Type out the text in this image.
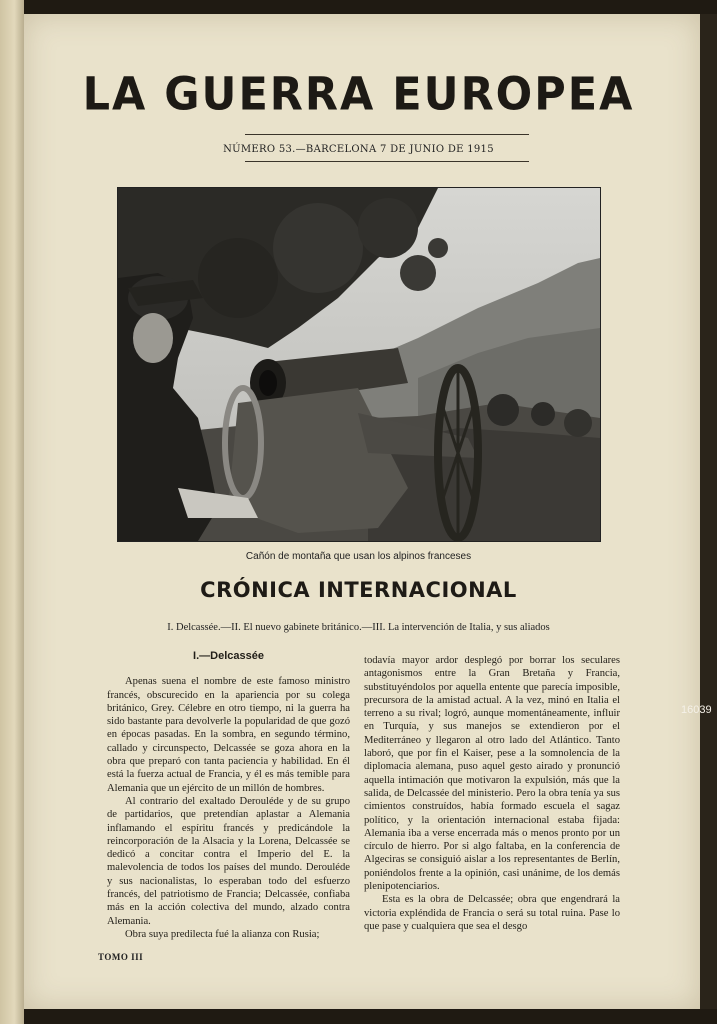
LA GUERRA EUROPEA
NÚMERO 53.—BARCELONA 7 DE JUNIO DE 1915
16039
Cañón de montaña que usan los alpinos franceses
CRÓNICA INTERNACIONAL
I. Delcassée.—II. El nuevo gabinete británico.—III. La intervención de Italia, y sus aliados

I.—Delcassée

Apenas suena el nombre de este famoso ministro francés, obscurecido en la apariencia por su colega británico, Grey. Célebre en otro tiempo, ni la guerra ha sido bastante para devolverle la popularidad de que gozó en épocas pasadas. En la sombra, en segundo término, callado y circunspecto, Delcassée se goza ahora en la obra que preparó con tanta paciencia y habilidad. En él está la fuerza actual de Francia, y él es más temible para Alemania que un ejército de un millón de hombres.

Al contrario del exaltado Derouléde y de su grupo de partidarios, que pretendían aplastar a Alemania inflamando el espíritu francés y predicándole la reincorporación de la Alsacia y la Lorena, Delcassée se dedicó a concitar contra el Imperio del E. la malevolencia de todos los países del mundo. Derouléde y sus nacionalistas, lo esperaban todo del esfuerzo francés, del patriotismo de Francia; Delcassée, confiaba más en la acción colectiva del mundo, alzado contra Alemania.

Obra suya predilecta fué la alianza con Rusia;

todavía mayor ardor desplegó por borrar los seculares antagonismos entre la Gran Bretaña y Francia, substituyéndolos por aquella entente que parecía imposible, precursora de la amistad actual. A la vez, minó en Italia el terreno a su rival; logró, aunque momentáneamente, influir en Turquía, y sus manejos se extendieron por el Mediterráneo y llegaron al otro lado del Atlántico. Tanto laboró, que por fin el Kaiser, pese a la somnolencia de la diplomacia alemana, puso aquel gesto airado y pronunció aquella intimación que motivaron la expulsión, más que la salida, de Delcassée del ministerio. Pero la obra tenía ya sus cimientos construídos, había formado escuela el sagaz político, y la orientación internacional estaba fijada: Alemania iba a verse encerrada más o menos pronto por un círculo de hierro. Por si algo faltaba, en la conferencia de Algeciras se consiguió aislar a los representantes de Berlín, poniéndolos frente a la opinión, casi unánime, de los demás plenipotenciarios.

Esta es la obra de Delcassée; obra que engendrará la victoria expléndida de Francia o será su total ruina. Pase lo que pase y cualquiera que sea el desgo

TOMO III
